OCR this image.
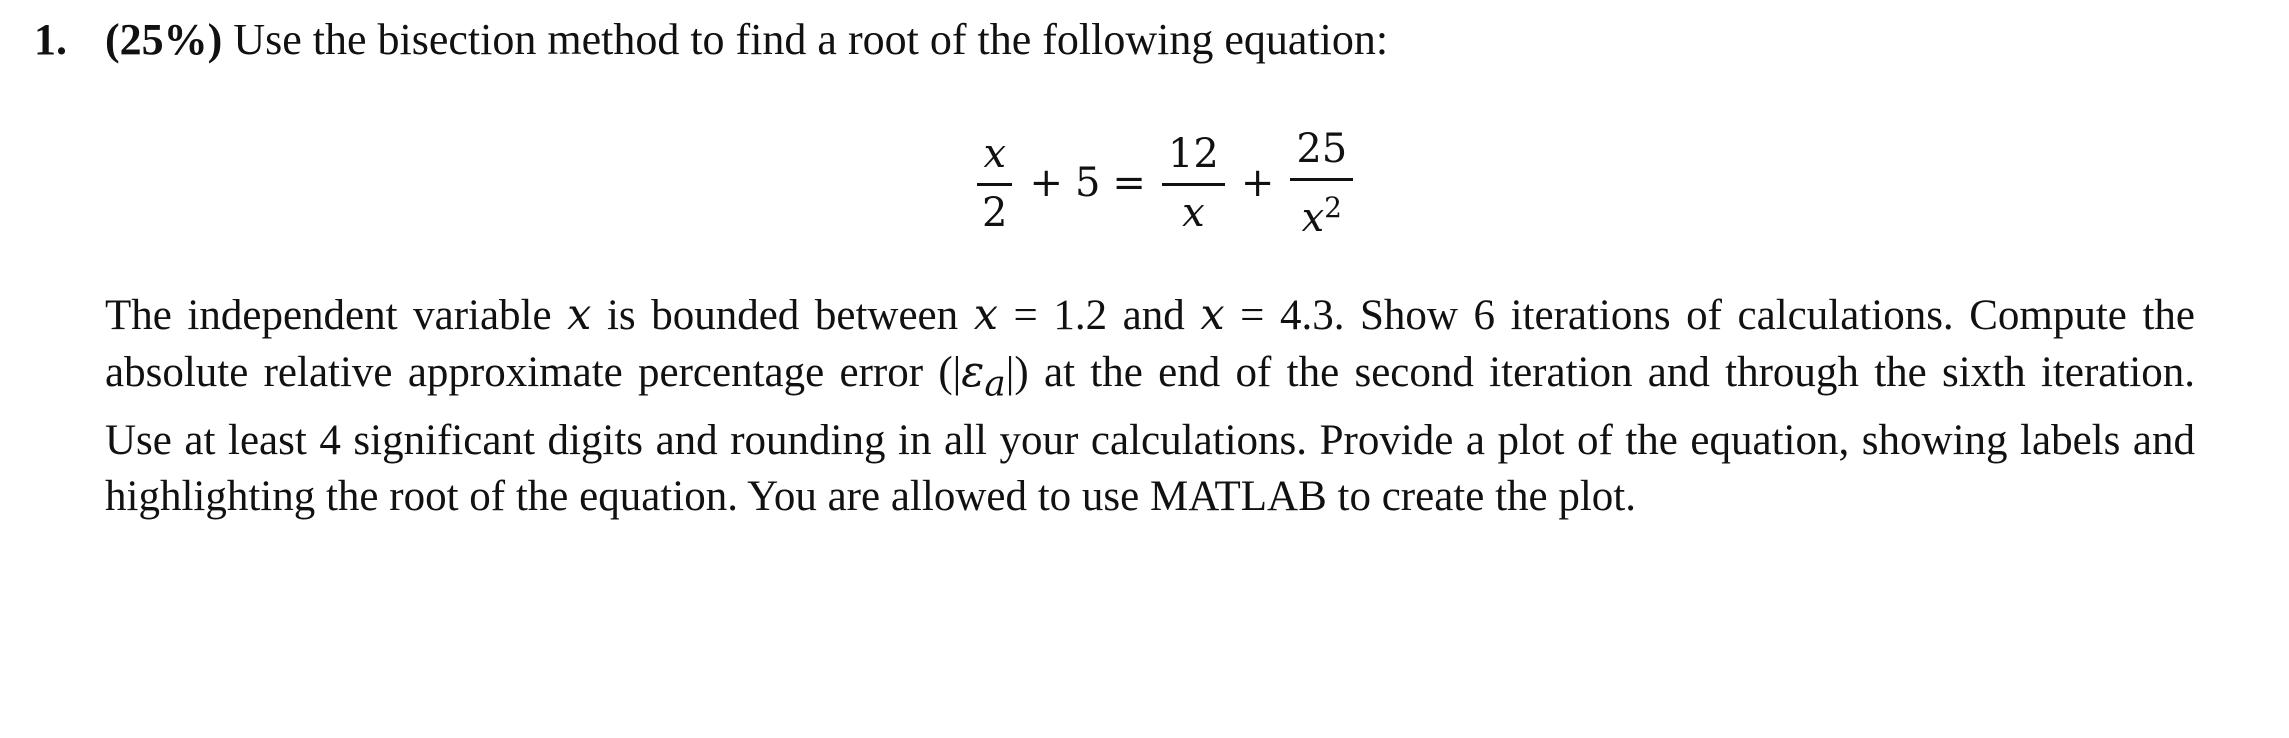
1. (25%) Use the bisection method to find a root of the following equation:
$\frac{x}{2} + 5 = \frac{12}{x} + \frac{25}{x^2}$
The independent variable x is bounded between x = 1.2 and x = 4.3. Show 6 iterations of calculations. Compute the absolute relative approximate percentage error $(|\varepsilon_a|)$ at the end of the second iteration and through the sixth iteration. Use at least 4 significant digits and rounding in all your calculations. Provide a plot of the equation, showing labels and highlighting the root of the equation. You are allowed to use MATLAB to create the plot.
